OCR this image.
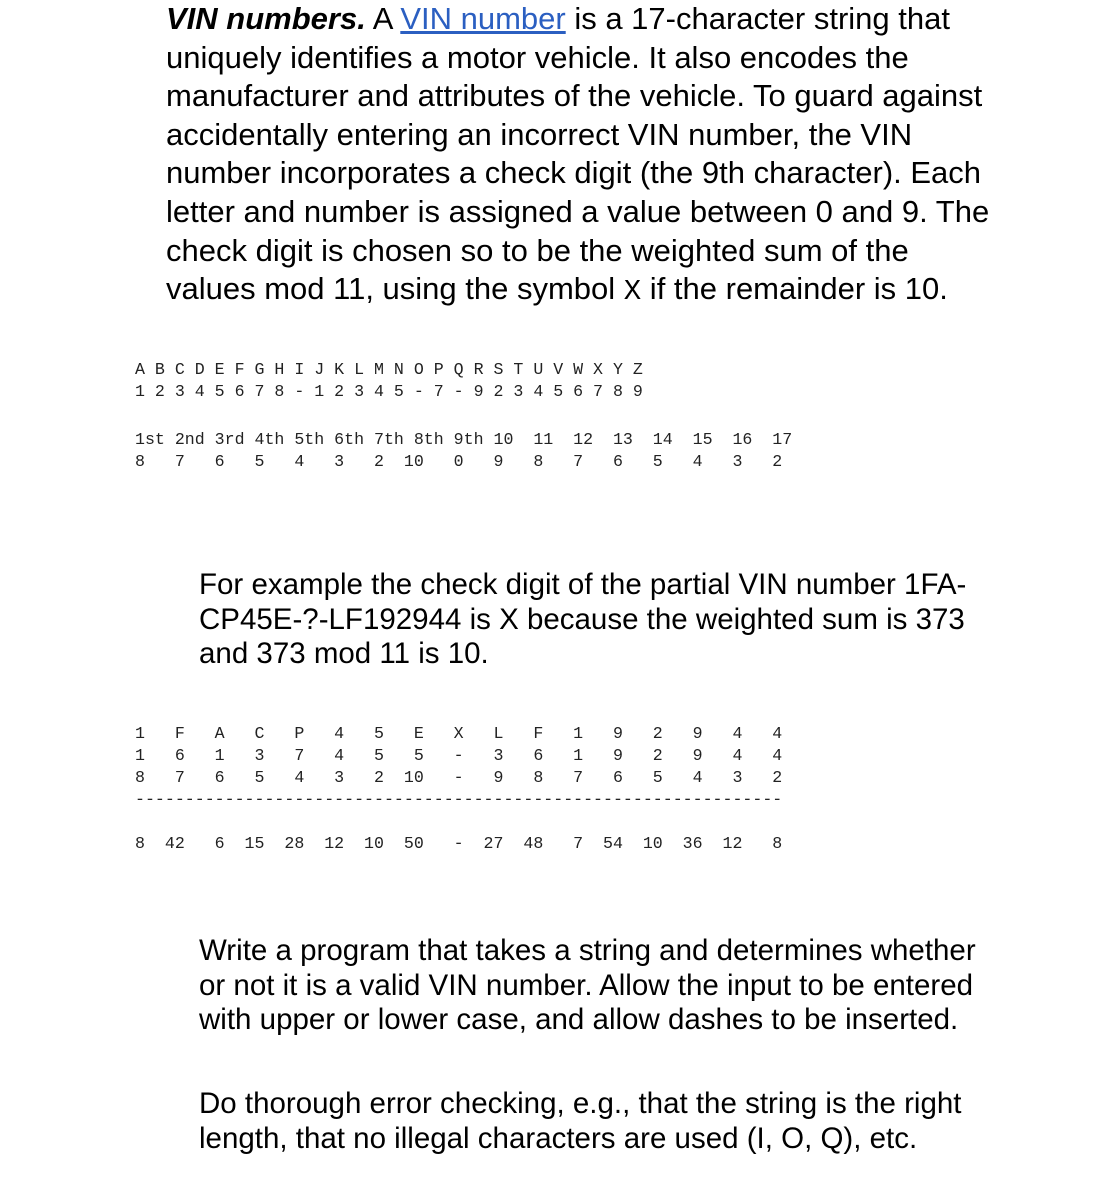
VIN numbers. A VIN number is a 17-character string that uniquely identifies a motor vehicle. It also encodes the manufacturer and attributes of the vehicle. To guard against accidentally entering an incorrect VIN number, the VIN number incorporates a check digit (the 9th character). Each letter and number is assigned a value between 0 and 9. The check digit is chosen so to be the weighted sum of the values mod 11, using the symbol X if the remainder is 10.

A B C D E F G H I J K L M N O P Q R S T U V W X Y Z
1 2 3 4 5 6 7 8 - 1 2 3 4 5 - 7 - 9 2 3 4 5 6 7 8 9
1st 2nd 3rd 4th 5th 6th 7th 8th 9th 10  11  12  13  14  15  16  17
8   7   6   5   4   3   2  10   0   9   8   7   6   5   4   3   2

For example the check digit of the partial VIN number 1FA-CP45E-?-LF192944 is X because the weighted sum is 373 and 373 mod 11 is 10.

1   F   A   C   P   4   5   E   X   L   F   1   9   2   9   4   4
1   6   1   3   7   4   5   5   -   3   6   1   9   2   9   4   4
8   7   6   5   4   3   2  10   -   9   8   7   6   5   4   3   2
-----------------------------------------------------------------

8  42   6  15  28  12  10  50   -  27  48   7  54  10  36  12   8

Write a program that takes a string and determines whether or not it is a valid VIN number. Allow the input to be entered with upper or lower case, and allow dashes to be inserted.

Do thorough error checking, e.g., that the string is the right length, that no illegal characters are used (I, O, Q), etc.
